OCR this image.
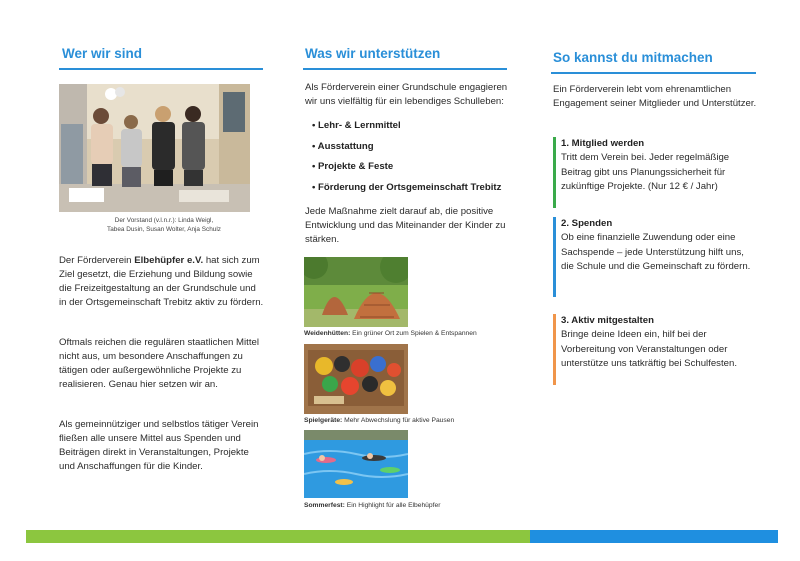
Wer wir sind
Der Vorstand (v.l.n.r.): Linda Weigl,
Tabea Dusin, Susan Wolter, Anja Schulz
Der Förderverein Elbehüpfer e.V. hat sich zum Ziel gesetzt, die Erziehung und Bildung sowie die Freizeitgestaltung an der Grundschule und in der Ortsgemeinschaft Trebitz aktiv zu fördern.
Oftmals reichen die regulären staatlichen Mittel nicht aus, um besondere Anschaffungen zu tätigen oder außergewöhnliche Projekte zu realisieren. Genau hier setzen wir an.
Als gemeinnütziger und selbstlos tätiger Verein fließen alle unsere Mittel aus Spenden und Beiträgen direkt in Veranstaltungen, Projekte und Anschaffungen für die Kinder.
Was wir unterstützen
Als Förderverein einer Grundschule engagieren wir uns vielfältig für ein lebendiges Schulleben:
• Lehr- & Lernmittel
• Ausstattung
• Projekte & Feste
• Förderung der Ortsgemeinschaft Trebitz
Jede Maßnahme zielt darauf ab, die positive Entwicklung und das Miteinander der Kinder zu stärken.
Weidenhütten: Ein grüner Ort zum Spielen & Entspannen
Spielgeräte: Mehr Abwechslung für aktive Pausen
Sommerfest: Ein Highlight für alle Elbehüpfer
So kannst du mitmachen
Ein Förderverein lebt vom ehrenamtlichen Engagement seiner Mitglieder und Unterstützer.
1. Mitglied werden
Tritt dem Verein bei. Jeder regelmäßige Beitrag gibt uns Planungssicherheit für zukünftige Projekte. (Nur 12 € / Jahr)
2. Spenden
Ob eine finanzielle Zuwendung oder eine Sachspende – jede Unterstützung hilft uns, die Schule und die Gemeinschaft zu fördern.
3. Aktiv mitgestalten
Bringe deine Ideen ein, hilf bei der Vorbereitung von Veranstaltungen oder unterstütze uns tatkräftig bei Schulfesten.
